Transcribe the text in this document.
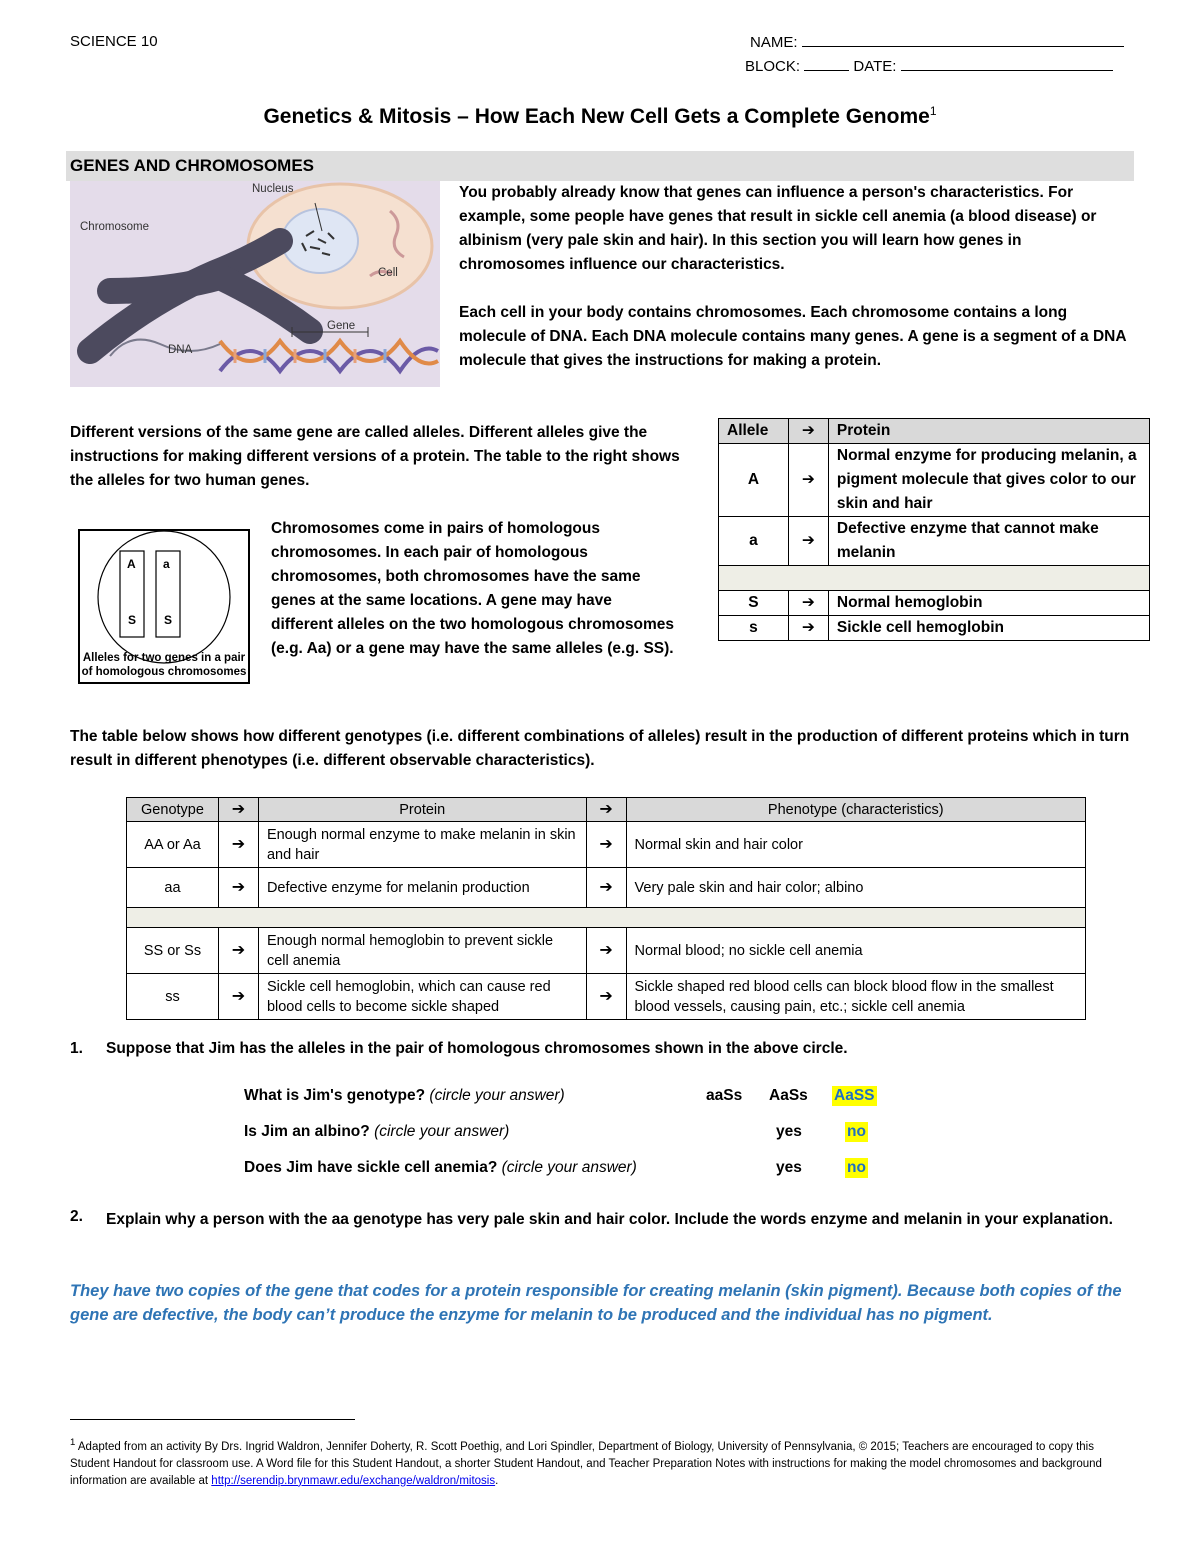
SCIENCE 10	NAME:
BLOCK:	DATE:
Genetics & Mitosis – How Each New Cell Gets a Complete Genome$^1$
GENES AND CHROMOSOMES
Nucleus
Chromosome
Cell
Gene
DNA
You probably already know that genes can influence a person's characteristics. For example, some people have genes that result in sickle cell anemia (a blood disease) or albinism (very pale skin and hair). In this section you will learn how genes in chromosomes influence our characteristics.
Each cell in your body contains chromosomes. Each chromosome contains a long molecule of DNA. Each DNA molecule contains many genes. A gene is a segment of a DNA molecule that gives the instructions for making a protein.
Different versions of the same gene are called alleles. Different alleles give the instructions for making different versions of a protein. The table to the right shows the alleles for two human genes.
A a
S S
Alleles for two genes in a pair of homologous chromosomes
Chromosomes come in pairs of homologous chromosomes. In each pair of homologous chromosomes, both chromosomes have the same genes at the same locations. A gene may have different alleles on the two homologous chromosomes (e.g. Aa) or a gene may have the same alleles (e.g. SS).
Allele	➔	Protein
A	➔	Normal enzyme for producing melanin, a pigment molecule that gives color to our skin and hair
a	➔	Defective enzyme that cannot make melanin

S	➔	Normal hemoglobin
s	➔	Sickle cell hemoglobin
The table below shows how different genotypes (i.e. different combinations of alleles) result in the production of different proteins which in turn result in different phenotypes (i.e. different observable characteristics).
Genotype	➔	Protein	➔	Phenotype (characteristics)
AA or Aa	➔	Enough normal enzyme to make melanin in skin and hair	➔	Normal skin and hair color
aa	➔	Defective enzyme for melanin production	➔	Very pale skin and hair color; albino

SS or Ss	➔	Enough normal hemoglobin to prevent sickle cell anemia	➔	Normal blood; no sickle cell anemia
ss	➔	Sickle cell hemoglobin, which can cause red blood cells to become sickle shaped	➔	Sickle shaped red blood cells can block blood flow in the smallest blood vessels, causing pain, etc.; sickle cell anemia
1. Suppose that Jim has the alleles in the pair of homologous chromosomes shown in the above circle.
What is Jim's genotype? (circle your answer)	aaSs AaSs AaSS
Is Jim an albino? (circle your answer)	yes	no
Does Jim have sickle cell anemia? (circle your answer)	yes	no
2. Explain why a person with the aa genotype has very pale skin and hair color. Include the words enzyme and melanin in your explanation.
They have two copies of the gene that codes for a protein responsible for creating melanin (skin pigment). Because both copies of the gene are defective, the body can’t produce the enzyme for melanin to be produced and the individual has no pigment.
$^1$ Adapted from an activity By Drs. Ingrid Waldron, Jennifer Doherty, R. Scott Poethig, and Lori Spindler, Department of Biology, University of Pennsylvania, © 2015; Teachers are encouraged to copy this Student Handout for classroom use. A Word file for this Student Handout, a shorter Student Handout, and Teacher Preparation Notes with instructions for making the model chromosomes and background information are available at http://serendip.brynmawr.edu/exchange/waldron/mitosis.
